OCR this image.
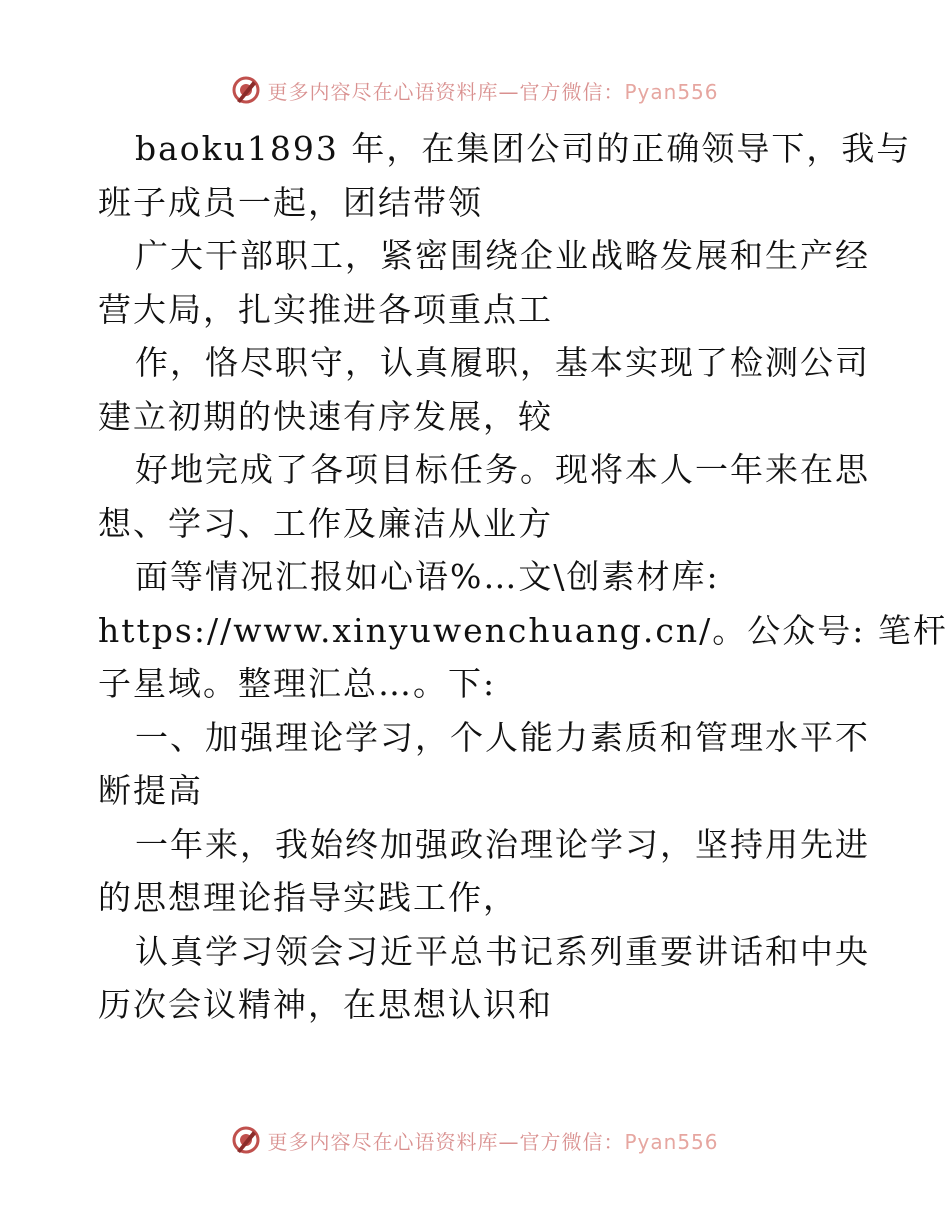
更多内容尽在心语资料库—官方微信：Pyan556
baoku1893 年，在集团公司的正确领导下，我与
班子成员一起，团结带领
广大干部职工，紧密围绕企业战略发展和生产经
营大局，扎实推进各项重点工
作，恪尽职守，认真履职，基本实现了检测公司
建立初期的快速有序发展，较
好地完成了各项目标任务。现将本人一年来在思
想、学习、工作及廉洁从业方
面等情况汇报如心语%…文\创素材库:
https://www.xinyuwenchuang.cn/。公众号: 笔杆
子星域。整理汇总…。下:
一、加强理论学习，个人能力素质和管理水平不
断提高
一年来，我始终加强政治理论学习，坚持用先进
的思想理论指导实践工作，
认真学习领会习近平总书记系列重要讲话和中央
历次会议精神，在思想认识和
更多内容尽在心语资料库—官方微信：Pyan556
